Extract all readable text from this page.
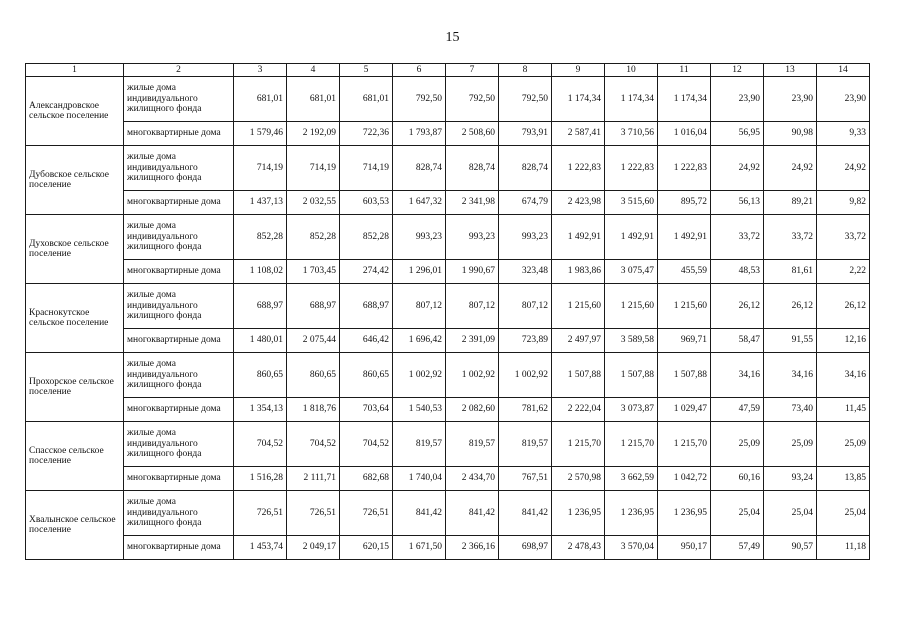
15
1	2	3	4	5	6	7	8	9	10	11	12	13	14
Александровское сельское поселение	жилые дома индивидуального жилищного фонда	681,01	681,01	681,01	792,50	792,50	792,50	1 174,34	1 174,34	1 174,34	23,90	23,90	23,90
	многоквартирные дома	1 579,46	2 192,09	722,36	1 793,87	2 508,60	793,91	2 587,41	3 710,56	1 016,04	56,95	90,98	9,33
Дубовское сельское поселение	жилые дома индивидуального жилищного фонда	714,19	714,19	714,19	828,74	828,74	828,74	1 222,83	1 222,83	1 222,83	24,92	24,92	24,92
	многоквартирные дома	1 437,13	2 032,55	603,53	1 647,32	2 341,98	674,79	2 423,98	3 515,60	895,72	56,13	89,21	9,82
Духовское сельское поселение	жилые дома индивидуального жилищного фонда	852,28	852,28	852,28	993,23	993,23	993,23	1 492,91	1 492,91	1 492,91	33,72	33,72	33,72
	многоквартирные дома	1 108,02	1 703,45	274,42	1 296,01	1 990,67	323,48	1 983,86	3 075,47	455,59	48,53	81,61	2,22
Краснокутское сельское поселение	жилые дома индивидуального жилищного фонда	688,97	688,97	688,97	807,12	807,12	807,12	1 215,60	1 215,60	1 215,60	26,12	26,12	26,12
	многоквартирные дома	1 480,01	2 075,44	646,42	1 696,42	2 391,09	723,89	2 497,97	3 589,58	969,71	58,47	91,55	12,16
Прохорское сельское поселение	жилые дома индивидуального жилищного фонда	860,65	860,65	860,65	1 002,92	1 002,92	1 002,92	1 507,88	1 507,88	1 507,88	34,16	34,16	34,16
	многоквартирные дома	1 354,13	1 818,76	703,64	1 540,53	2 082,60	781,62	2 222,04	3 073,87	1 029,47	47,59	73,40	11,45
Спасское сельское поселение	жилые дома индивидуального жилищного фонда	704,52	704,52	704,52	819,57	819,57	819,57	1 215,70	1 215,70	1 215,70	25,09	25,09	25,09
	многоквартирные дома	1 516,28	2 111,71	682,68	1 740,04	2 434,70	767,51	2 570,98	3 662,59	1 042,72	60,16	93,24	13,85
Хвалынское сельское поселение	жилые дома индивидуального жилищного фонда	726,51	726,51	726,51	841,42	841,42	841,42	1 236,95	1 236,95	1 236,95	25,04	25,04	25,04
	многоквартирные дома	1 453,74	2 049,17	620,15	1 671,50	2 366,16	698,97	2 478,43	3 570,04	950,17	57,49	90,57	11,18
